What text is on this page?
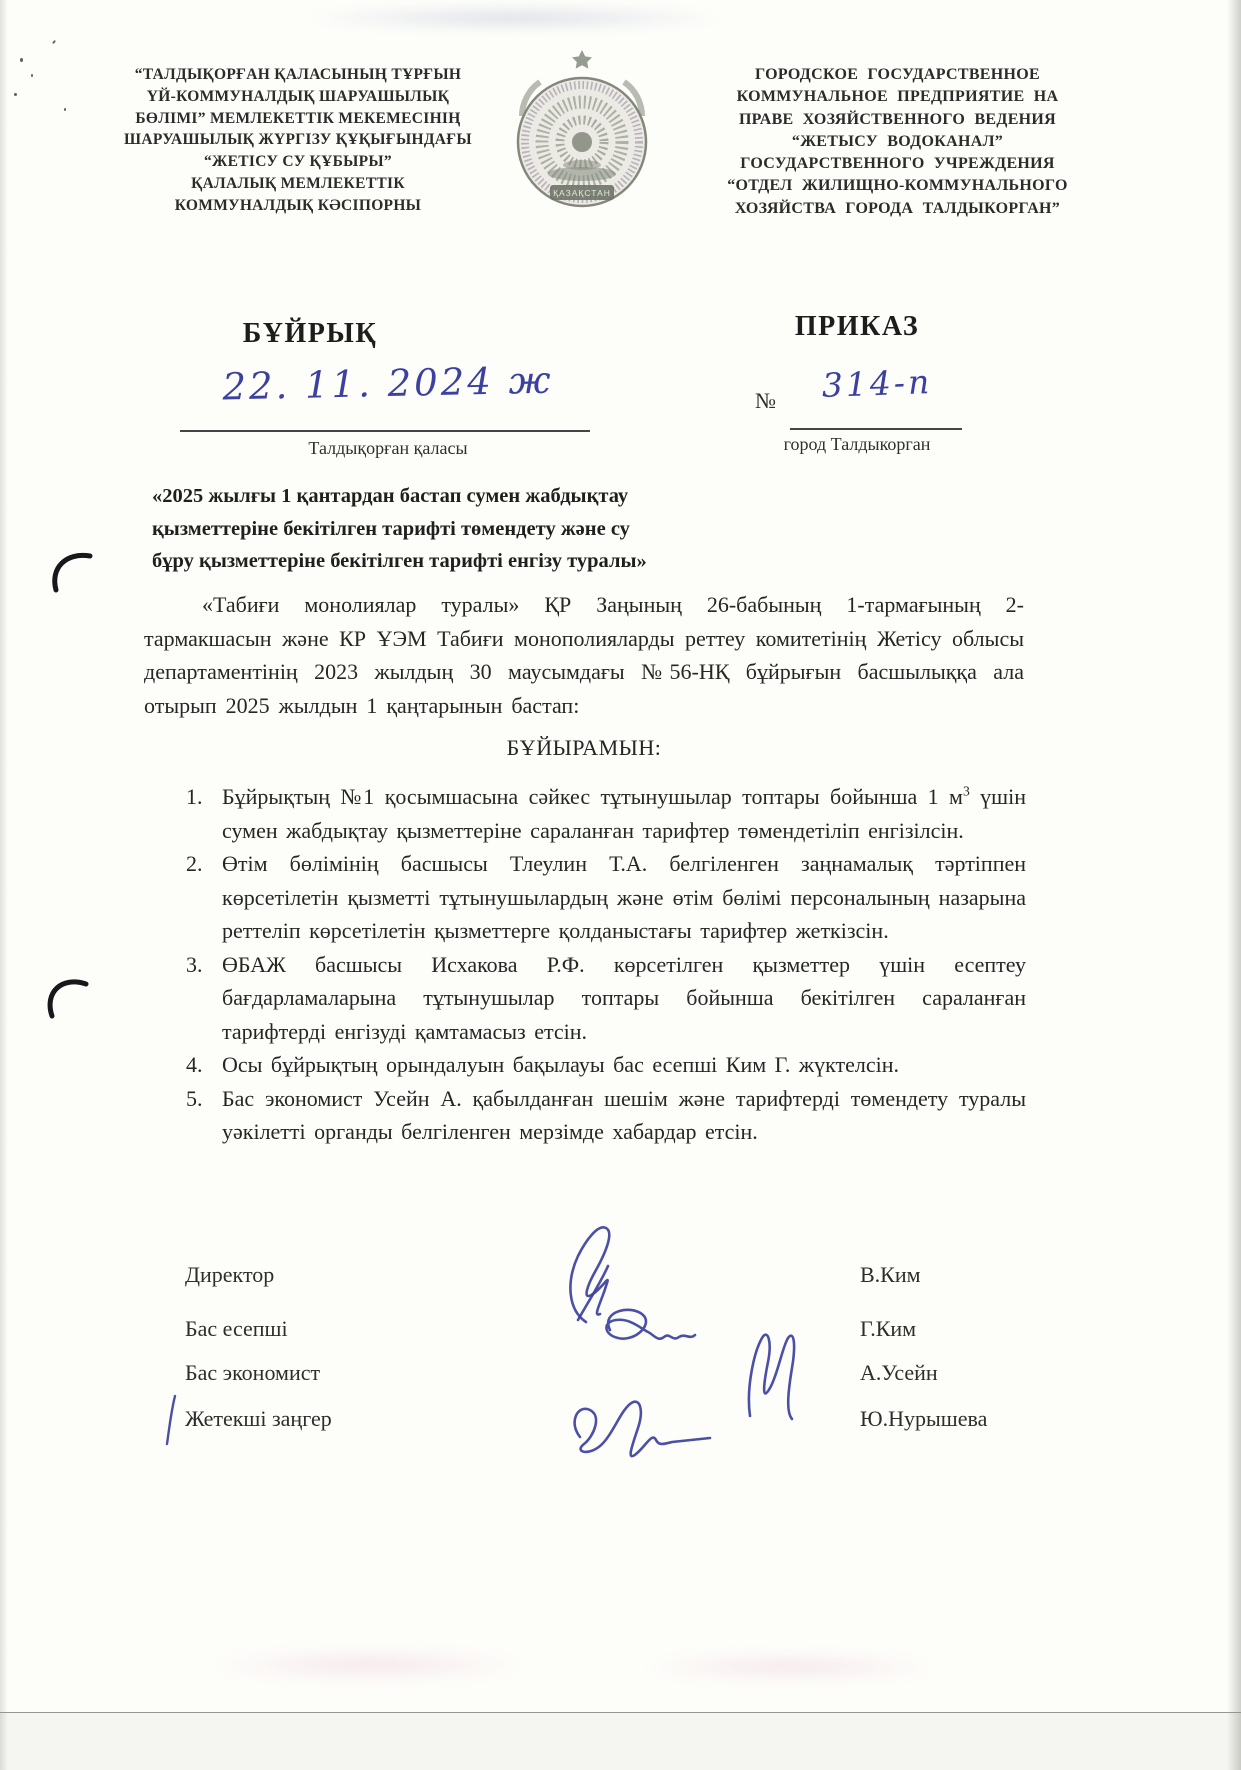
“ТАЛДЫҚОРҒАН ҚАЛАСЫНЫҢ ТҰРҒЫН
ҮЙ-КОММУНАЛДЫҚ ШАРУАШЫЛЫҚ
БӨЛІМІ” МЕМЛЕКЕТТІК МЕКЕМЕСІНІҢ
ШАРУАШЫЛЫҚ ЖҮРГІЗУ ҚҰҚЫҒЫНДАҒЫ
“ЖЕТІСУ СУ ҚҰБЫРЫ”
ҚАЛАЛЫҚ МЕМЛЕКЕТТІК
КОММУНАЛДЫҚ КӘСІПОРНЫ
ҚАЗАҚСТАН
ГОРОДСКОЕ ГОСУДАРСТВЕННОЕ
КОММУНАЛЬНОЕ ПРЕДПРИЯТИЕ НА
ПРАВЕ ХОЗЯЙСТВЕННОГО ВЕДЕНИЯ
“ЖЕТЫСУ ВОДОКАНАЛ”
ГОСУДАРСТВЕННОГО УЧРЕЖДЕНИЯ
“ОТДЕЛ ЖИЛИЩНО-КОММУНАЛЬНОГО
ХОЗЯЙСТВА ГОРОДА ТАЛДЫКОРГАН”
БҰЙРЫҚ	ПРИКАЗ
22. 11. 2024 ж
Талдықорған қаласы
№	314-п
город Талдыкорган
«2025 жылғы 1 қантардан бастап сумен жабдықтау
қызметтеріне бекітілген тарифті төмендету және су
бұру қызметтеріне бекітілген тарифті енгізу туралы»
«Табиғи монолиялар туралы» ҚР Заңының 26-бабының 1-тармағының 2-тармакшасын және КР ҰЭМ Табиғи монополияларды реттеу комитетінің Жетісу облысы департаментінің 2023 жылдың 30 маусымдағы №56-НҚ бұйрығын басшылыққа ала отырып 2025 жылдын 1 қаңтарынын бастап:
БҰЙЫРАМЫН:
1. Бұйрықтың №1 қосымшасына сәйкес тұтынушылар топтары бойынша 1 $м^3$ үшін сумен жабдықтау қызметтеріне сараланған тарифтер төмендетіліп енгізілсін.
2. Өтім бөлімінің басшысы Тлеулин Т.А. белгіленген заңнамалық тәртіппен көрсетілетін қызметті тұтынушылардың және өтім бөлімі персоналының назарына реттеліп көрсетілетін қызметтерге қолданыстағы тарифтер жеткізсін.
3. ӨБАЖ басшысы Исхакова Р.Ф. көрсетілген қызметтер үшін есептеу бағдарламаларына тұтынушылар топтары бойынша бекітілген сараланған тарифтерді енгізуді қамтамасыз етсін.
4. Осы бұйрықтың орындалуын бақылауы бас есепші Ким Г. жүктелсін.
5. Бас экономист Усейн А. қабылданған шешім және тарифтерді төмендету туралы уәкілетті органды белгіленген мерзімде хабардар етсін.
Директор	В.Ким
Бас есепші	Г.Ким
Бас экономист	А.Усейн
Жетекші заңгер	Ю.Нурышева
